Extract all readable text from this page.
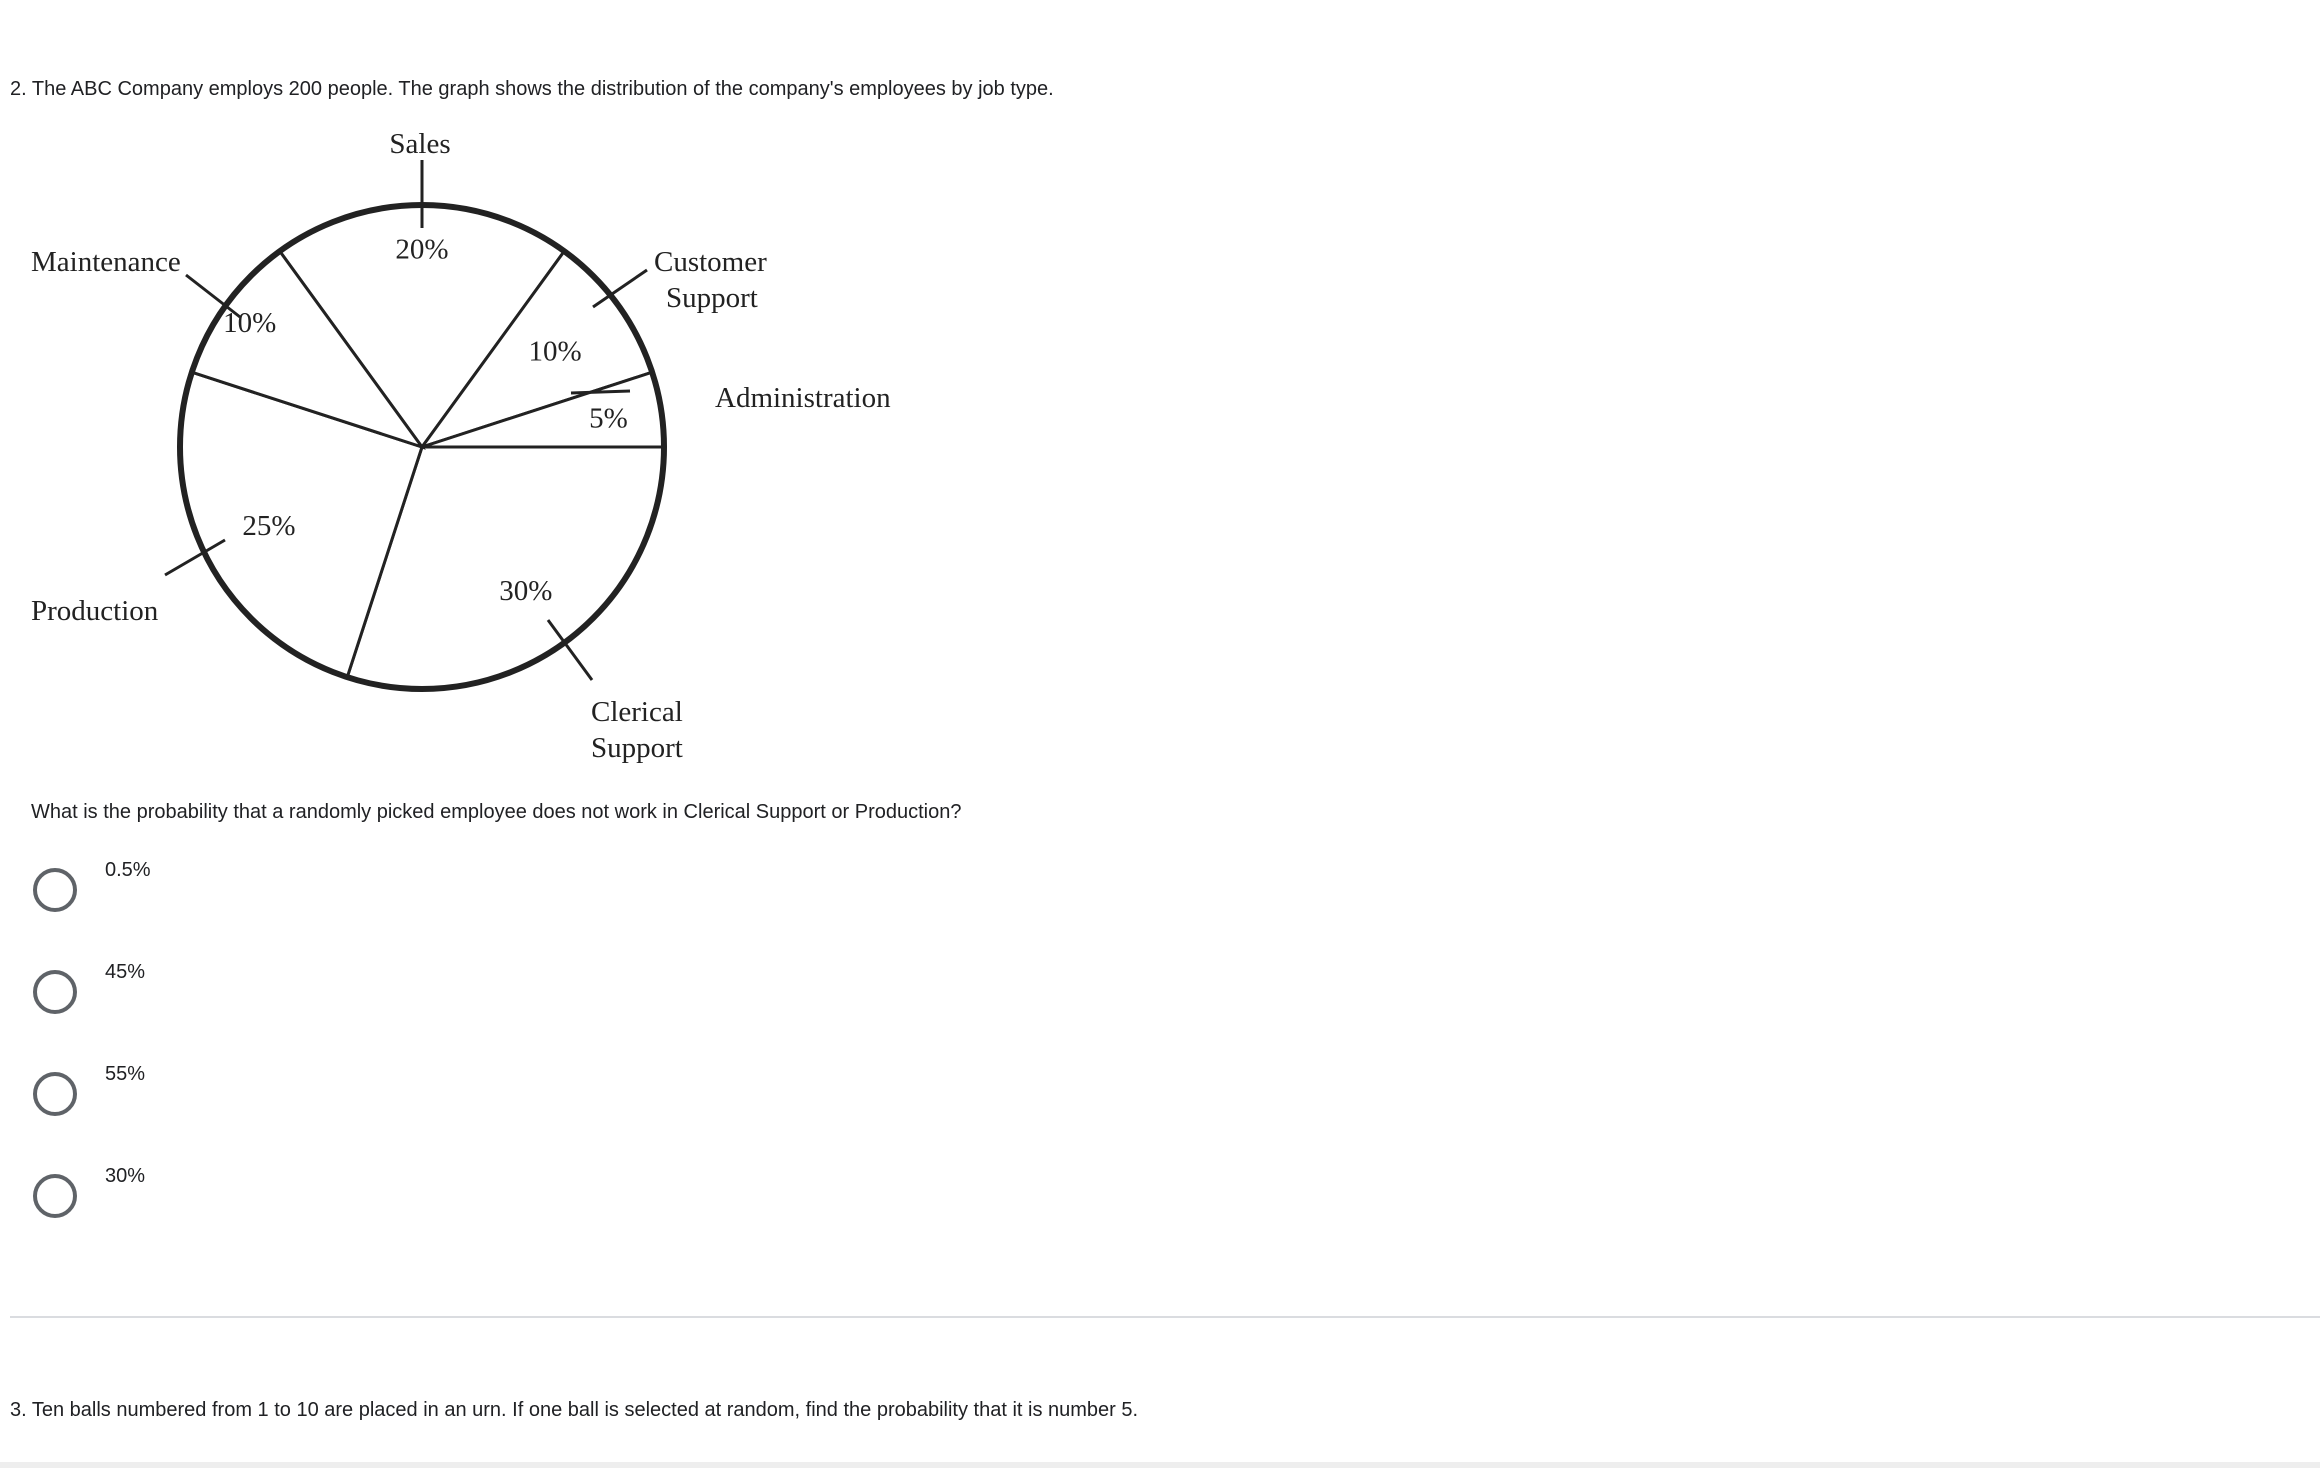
2. The ABC Company employs 200 people. The graph shows the distribution of the company's employees by job type.
20%
10%
5%
30%
25%
10%
Sales
Maintenance	Customer
Support
Administration
Production
Clerical
Support
What is the probability that a randomly picked employee does not work in Clerical Support or Production?
0.5%
45%
55%
30%
3. Ten balls numbered from 1 to 10 are placed in an urn. If one ball is selected at random, find the probability that it is number 5.
